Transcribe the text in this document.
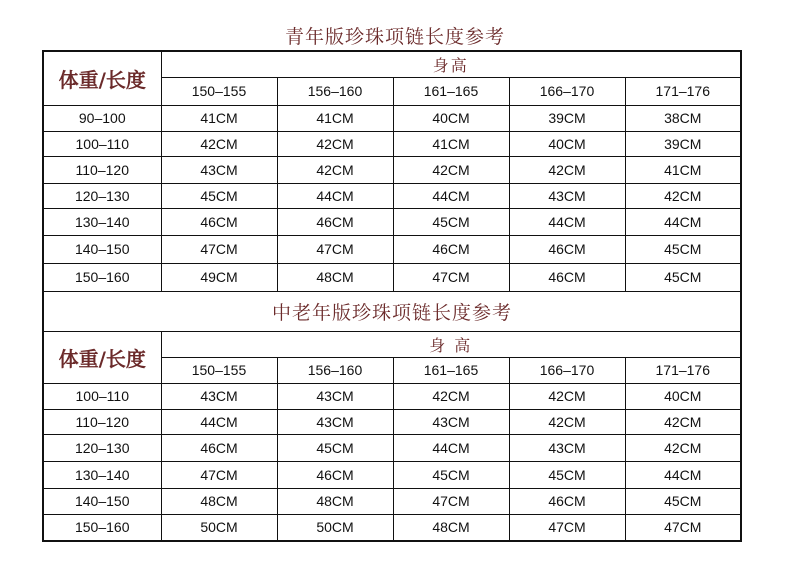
青年版珍珠项链长度参考
体重/长度	身高				
	150–155	156–160	161–165	166–170	171–176
90–100	41CM	41CM	40CM	39CM	38CM
100–110	42CM	42CM	41CM	40CM	39CM
110–120	43CM	42CM	42CM	42CM	41CM
120–130	45CM	44CM	44CM	43CM	42CM
130–140	46CM	46CM	45CM	44CM	44CM
140–150	47CM	47CM	46CM	46CM	45CM
150–160	49CM	48CM	47CM	46CM	45CM
中老年版珍珠项链长度参考					
体重/长度	身 高				
	150–155	156–160	161–165	166–170	171–176
100–110	43CM	43CM	42CM	42CM	40CM
110–120	44CM	43CM	43CM	42CM	42CM
120–130	46CM	45CM	44CM	43CM	42CM
130–140	47CM	46CM	45CM	45CM	44CM
140–150	48CM	48CM	47CM	46CM	45CM
150–160	50CM	50CM	48CM	47CM	47CM
